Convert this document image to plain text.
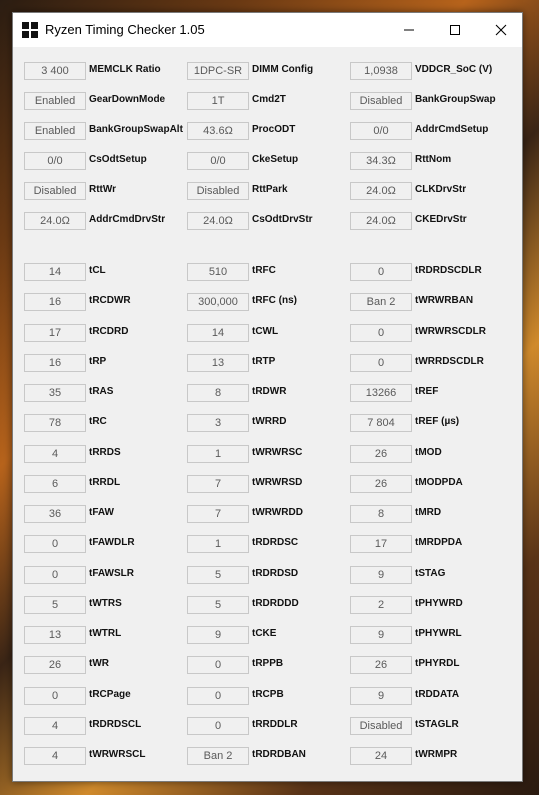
Ryzen Timing Checker 1.05
3 400	MEMCLK Ratio	1DPC-SR DIMM Config	1,0938	VDDCR_SoC (V)
Enabled	GearDownMode	1T	Cmd2T	Disabled	BankGroupSwap
Enabled	BankGroupSwapAlt	43.6Ω	ProcODT	0/0	AddrCmdSetup
0/0	CsOdtSetup	0/0	CkeSetup	34.3Ω	RttNom
Disabled	RttWr	Disabled	RttPark	24.0Ω	CLKDrvStr
24.0Ω	AddrCmdDrvStr	24.0Ω	CsOdtDrvStr	24.0Ω	CKEDrvStr
14	tCL	510	tRFC	0	tRDRDSCDLR
16	tRCDWR	300,000	tRFC (ns)	Ban 2	tWRWRBAN
17	tRCDRD	14	tCWL	0	tWRWRSCDLR
16	tRP	13	tRTP	0	tWRRDSCDLR
35	tRAS	8	tRDWR	13266	tREF
78	tRC	3	tWRRD	7 804	tREF (µs)
4	tRRDS	1	tWRWRSC	26	tMOD
6	tRRDL	7	tWRWRSD	26	tMODPDA
36	tFAW	7	tWRWRDD	8	tMRD
0	tFAWDLR	1	tRDRDSC	17	tMRDPDA
0	tFAWSLR	5	tRDRDSD	9	tSTAG
5	tWTRS	5	tRDRDDD	2	tPHYWRD
13	tWTRL	9	tCKE	9	tPHYWRL
26	tWR	0	tRPPB	26	tPHYRDL
0	tRCPage	0	tRCPB	9	tRDDATA
4	tRDRDSCL	0	tRRDDLR	Disabled	tSTAGLR
4	tWRWRSCL	Ban 2	tRDRDBAN	24	tWRMPR
